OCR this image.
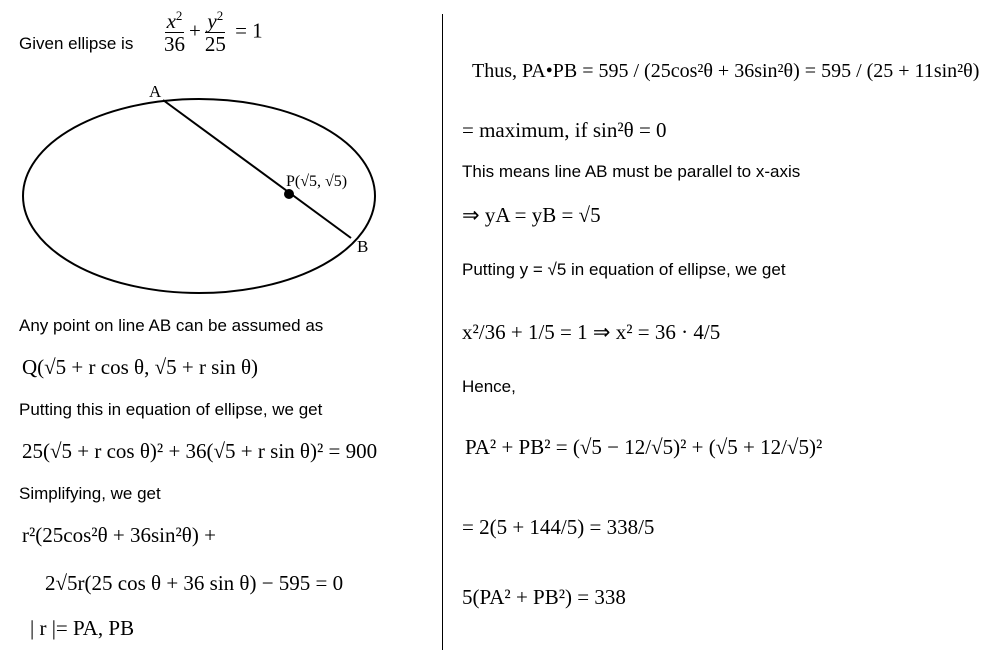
Given ellipse is $\frac{x^2}{36} + \frac{y^2}{25} = 1$
A
B
P(√5, √5)
Any point on line AB can be assumed as
Q(√5 + r cos θ, √5 + r sin θ)
Putting this in equation of ellipse, we get
25(√5 + r cos θ)² + 36(√5 + r sin θ)² = 900
Simplifying, we get
r²(25cos²θ + 36sin²θ) +
2√5r(25 cos θ + 36 sin θ) − 595 = 0
| r |= PA, PB
Thus, PA•PB = 595 / (25cos²θ + 36sin²θ) = 595 / (25 + 11sin²θ)
= maximum, if sin²θ = 0
This means line AB must be parallel to x-axis
⇒ yA = yB = √5
Putting y = √5 in equation of ellipse, we get
x²/36 + 1/5 = 1 ⇒ x² = 36 · 4/5
Hence,
PA² + PB² = (√5 − 12/√5)² + (√5 + 12/√5)²
= 2(5 + 144/5) = 338/5
5(PA² + PB²) = 338
